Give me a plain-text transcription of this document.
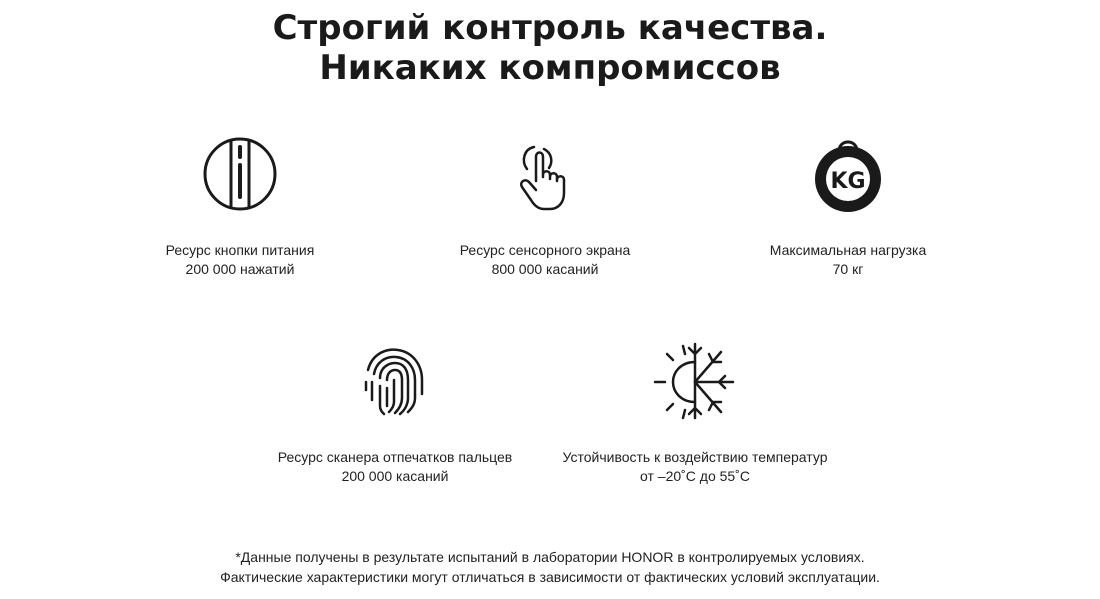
Строгий контроль качества.
Никаких компромиссов
Ресурс кнопки питания
200 000 нажатий
Ресурс сенсорного экрана
800 000 касаний
KG
Максимальная нагрузка
70 кг
Ресурс сканера отпечатков пальцев
200 000 касаний
Устойчивость к воздействию температур
от –20˚C до 55˚C
*Данные получены в результате испытаний в лаборатории HONOR в контролируемых условиях.
Фактические характеристики могут отличаться в зависимости от фактических условий эксплуатации.
